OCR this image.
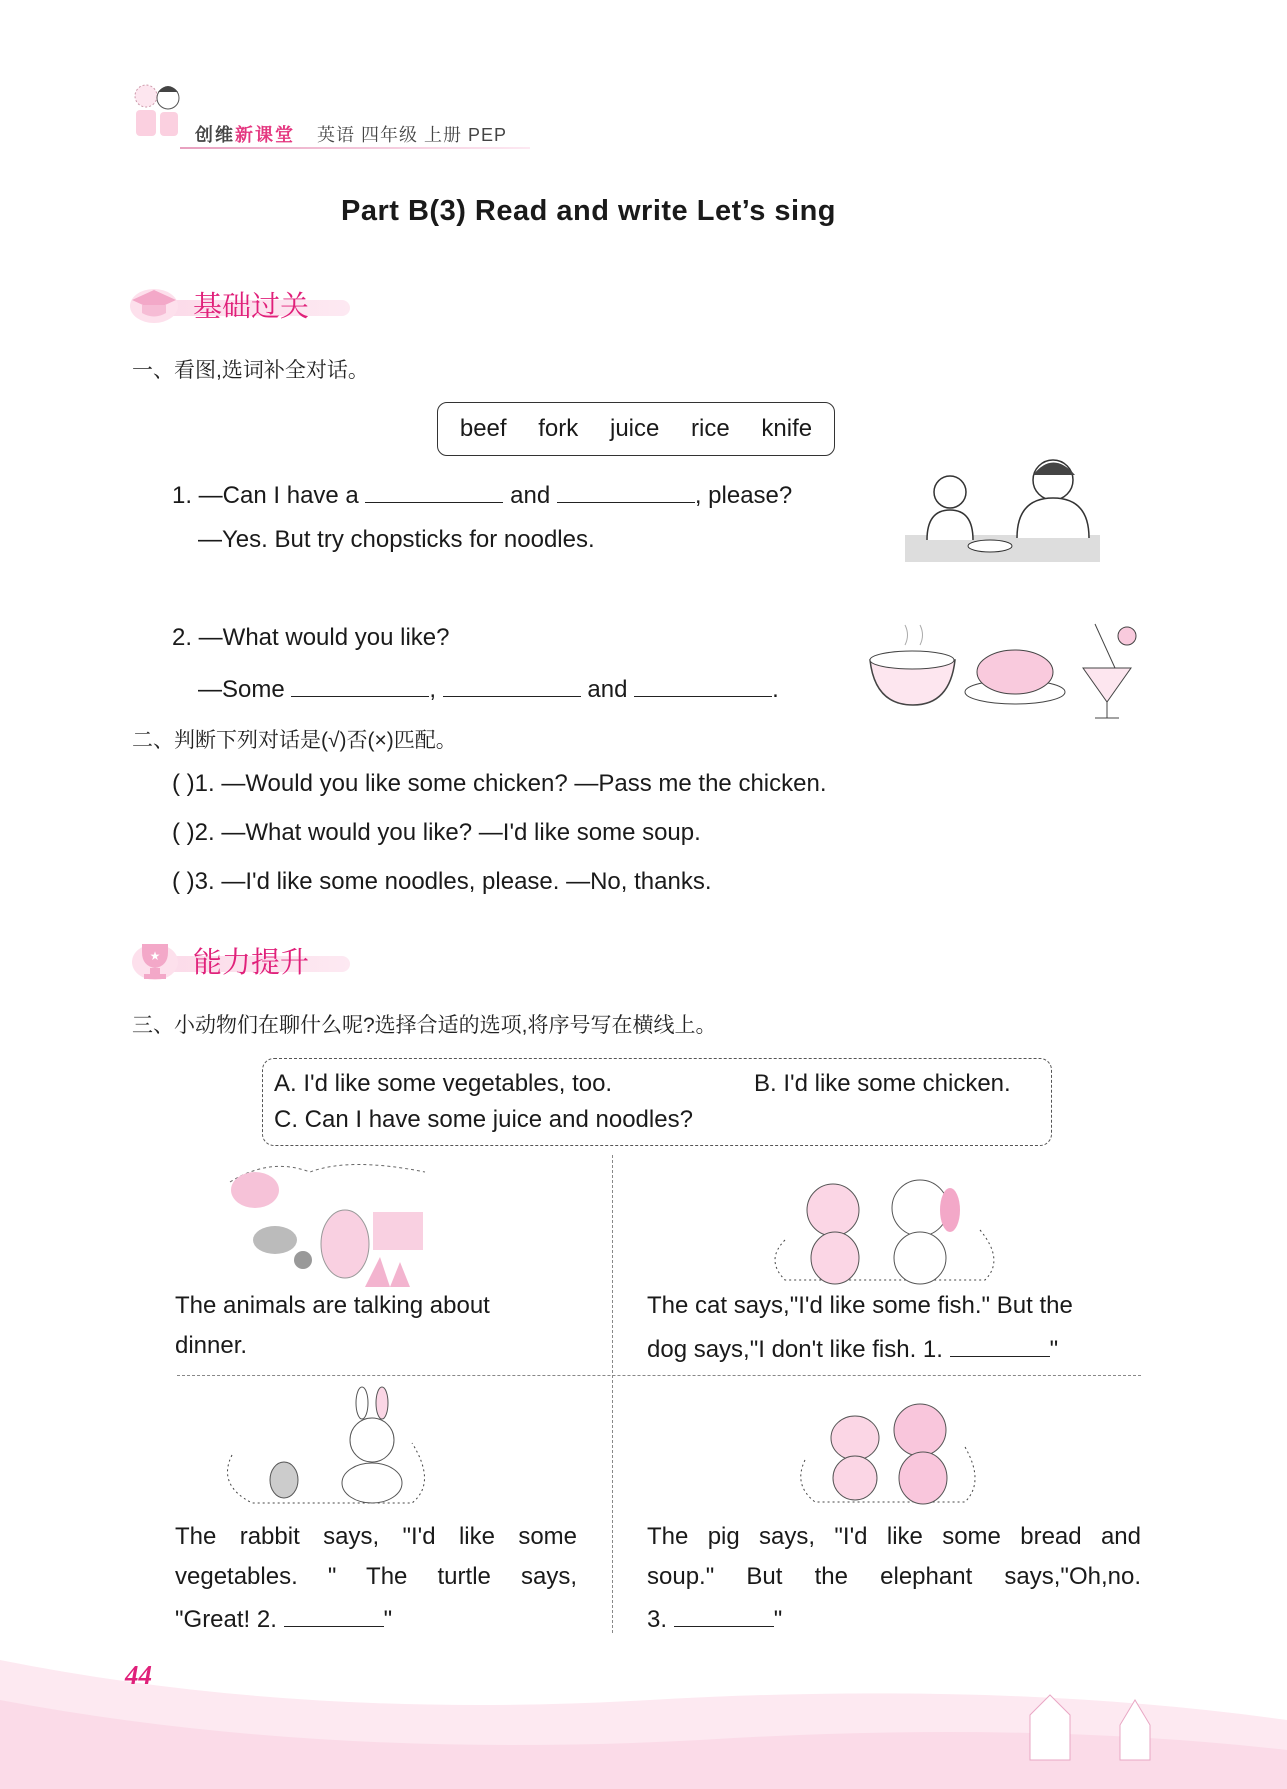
创维新课堂 英语 四年级 上册 PEP
Part B(3) Read and write Let’s sing
基础过关
一、看图,选词补全对话。
beef fork juice rice knife
1. —Can I have a	and	, please?
—Yes. But try chopsticks for noodles.
2. —What would you like?
—Some	,	and	.
二、判断下列对话是(√)否(×)匹配。
( )1. —Would you like some chicken? —Pass me the chicken.
( )2. —What would you like? —I'd like some soup.
( )3. —I'd like some noodles, please. —No, thanks.
★ 能力提升
三、小动物们在聊什么呢?选择合适的选项,将序号写在横线上。
A. I'd like some vegetables, too.	B. I'd like some chicken.
C. Can I have some juice and noodles?
The animals are talking about
dinner.
The cat says,"I'd like some fish." But the
dog says,"I don't like fish. 1.	"
The rabbit says, "I'd like some
vegetables. " The turtle says,
"Great! 2.	"
The pig says, "I'd like some bread and
soup." But the elephant says,"Oh,no.
3.	"
44
